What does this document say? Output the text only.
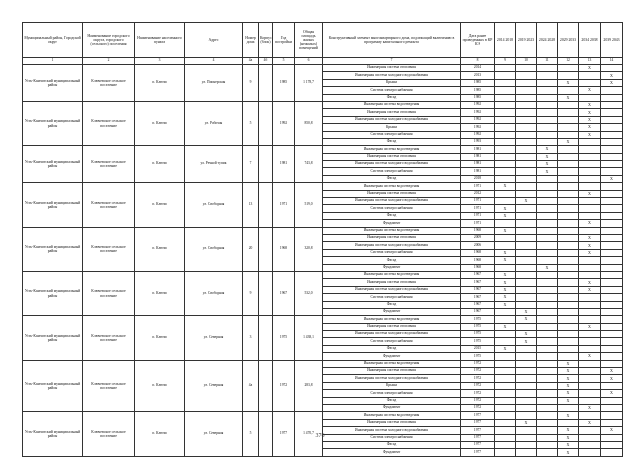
Муниципальный район, Городской округ	Наименование городского округа, городского (сельского) поселения	Наименование населенного пункта	Адрес	Номер дома	Корпус (блок)	Год постройки	Общая площадь жилых (нежилых) помещений	Конструктивный элемент многоквартирного дома, подлежащий включению в программу капитального ремонта	Дата ранее проведенных в КР КЭ	2014 2018	2019 2023	2024 2028	2029 2033	2034 2038	2039 2043
1	2	3	4	4а	4б	5	6	7	8	9	10	11	12	13	14
Усть-Камчатский муниципальный район	Ключевское сельское поселение	п. Ключи	ул. Пионерская	9		1985	1 178,7	Инженерная система отопления	2014					X	
								Инженерная система холодного водоснабжения	2013						X
								Крыша	1985				X		X
								Система электроснабжения	1985					X	
								Фасад	1985				X		
Усть-Камчатский муниципальный район	Ключевское сельское поселение	п. Ключи	ул. Рабочая	5		1992	850,8	Инженерная система водоотведения	1992					X	
								Инженерная система отопления	1992					X	
								Инженерная система холодного водоснабжения	1992					X	
								Крыша	1992					X	
								Система электроснабжения	1992					X	
								Фасад	1993				X		
Усть-Камчатский муниципальный район	Ключевское сельское поселение	п. Ключи	ул. Речной тупик	7		1981	743,8	Инженерная система водоотведения	1981			X			
								Инженерная система отопления	1981			X			
								Инженерная система холодного водоснабжения	1981			X			
								Система электроснабжения	1981			X			
								Фасад	2018						X
Усть-Камчатский муниципальный район	Ключевское сельское поселение	п. Ключи	ул. Свободная	13		1971	519,0	Инженерная система водоотведения	1971	X					
								Инженерная система отопления	2012					X	
								Инженерная система холодного водоснабжения	1971		X				
								Система электроснабжения	1971	X					
								Фасад	1971	X					
								Фундамент	1971					X	
Усть-Камчатский муниципальный район	Ключевское сельское поселение	п. Ключи	ул. Свободная	20		1968	320,8	Инженерная система водоотведения	1968	X					
								Инженерная система отопления	2009					X	
								Инженерная система холодного водоснабжения	2006					X	
								Система электроснабжения	1968	X				X	
								Фасад	1968	X					
								Фундамент	1968			X			
Усть-Камчатский муниципальный район	Ключевское сельское поселение	п. Ключи	ул. Свободная	9		1967	532,0	Инженерная система водоотведения	1967	X					
								Инженерная система отопления	1967	X				X	
								Инженерная система холодного водоснабжения	1967	X				X	
								Система электроснабжения	1967	X					
								Фасад	1967	X					
								Фундамент	1967		X				
Усть-Камчатский муниципальный район	Ключевское сельское поселение	п. Ключи	ул. Северная	3		1975	1 438,1	Инженерная система водоотведения	1975		X				
								Инженерная система отопления	1975	X				X	
								Инженерная система холодного водоснабжения	1975		X				
								Система электроснабжения	1975		X				
								Фасад	2015	X					
								Фундамент	1975					X	
Усть-Камчатский муниципальный район	Ключевское сельское поселение	п. Ключи	ул. Северная	4а		1972	283,8	Инженерная система водоотведения	1972				X		
								Инженерная система отопления	1972				X		X
								Инженерная система холодного водоснабжения	1972				X		X
								Крыша	1972				X		
								Система электроснабжения	1972				X		X
								Фасад	1972				X		
								Фундамент	1972					X	
Усть-Камчатский муниципальный район	Ключевское сельское поселение	п. Ключи	ул. Северная	5		1977	1 470,7	Инженерная система водоотведения	1977				X		
								Инженерная система отопления	1977		X			X	
								Инженерная система холодного водоснабжения	1977				X		X
								Система электроснабжения	1977				X		
								Фасад	1977				X		
								Фундамент	1977				X		
376
